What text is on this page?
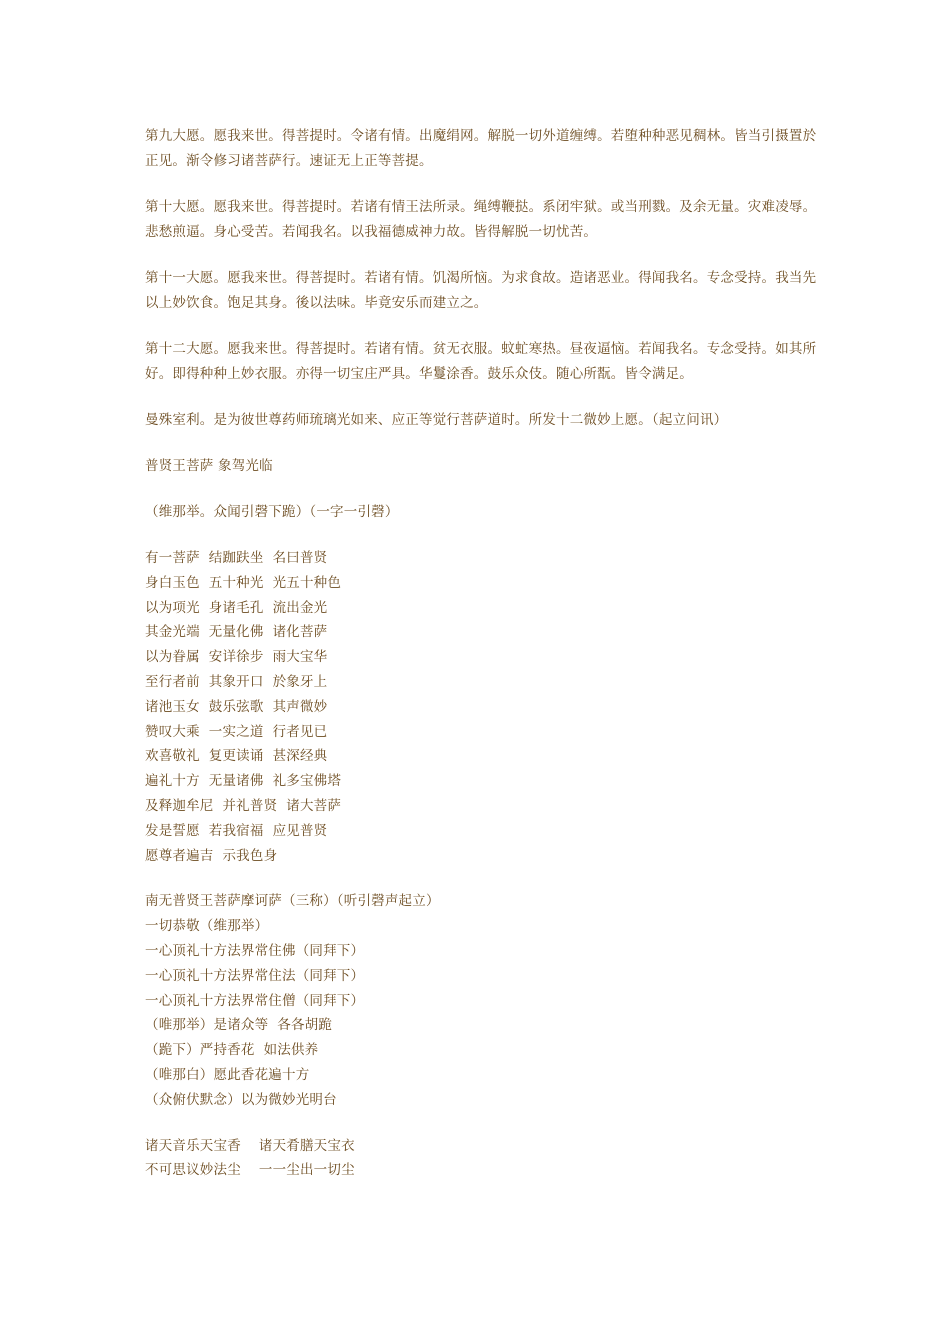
第九大愿。愿我来世。得菩提时。令诸有情。出魔绢网。解脱一切外道缠缚。若堕种种恶见稠林。皆当引摄置於正见。渐令修习诸菩萨行。速证无上正等菩提。

第十大愿。愿我来世。得菩提时。若诸有情王法所录。绳缚鞭挞。系闭牢狱。或当刑戮。及余无量。灾难凌辱。悲愁煎逼。身心受苦。若闻我名。以我福德威神力故。皆得解脱一切忧苦。

第十一大愿。愿我来世。得菩提时。若诸有情。饥渴所恼。为求食故。造诸恶业。得闻我名。专念受持。我当先以上妙饮食。饱足其身。後以法味。毕竟安乐而建立之。

第十二大愿。愿我来世。得菩提时。若诸有情。贫无衣服。蚊虻寒热。昼夜逼恼。若闻我名。专念受持。如其所好。即得种种上妙衣服。亦得一切宝庄严具。华鬘涂香。鼓乐众伎。随心所翫。皆令满足。

曼殊室利。是为彼世尊药师琉璃光如来、应正等觉行菩萨道时。所发十二微妙上愿。（起立问讯）

普贤王菩萨 象驾光临

（维那举。众闻引磬下跪）（一字一引磬）

有一菩萨  结跏趺坐  名曰普贤
身白玉色  五十种光  光五十种色
以为项光  身诸毛孔  流出金光
其金光端  无量化佛  诸化菩萨
以为眷属  安详徐步  雨大宝华
至行者前  其象开口  於象牙上
诸池玉女  鼓乐弦歌  其声微妙
赞叹大乘  一实之道  行者见已
欢喜敬礼  复更读诵  甚深经典
遍礼十方  无量诸佛  礼多宝佛塔
及释迦牟尼  并礼普贤  诸大菩萨
发是誓愿  若我宿福  应见普贤
愿尊者遍吉  示我色身
南无普贤王菩萨摩诃萨（三称）（听引磬声起立）
一切恭敬（维那举）
一心顶礼十方法界常住佛（同拜下）
一心顶礼十方法界常住法（同拜下）
一心顶礼十方法界常住僧（同拜下）
（唯那举）是诸众等  各各胡跪
（跪下）严持香花  如法供养
（唯那白）愿此香花遍十方
（众俯伏默念）以为微妙光明台
诸天音乐天宝香    诸天肴膳天宝衣
不可思议妙法尘    一一尘出一切尘
